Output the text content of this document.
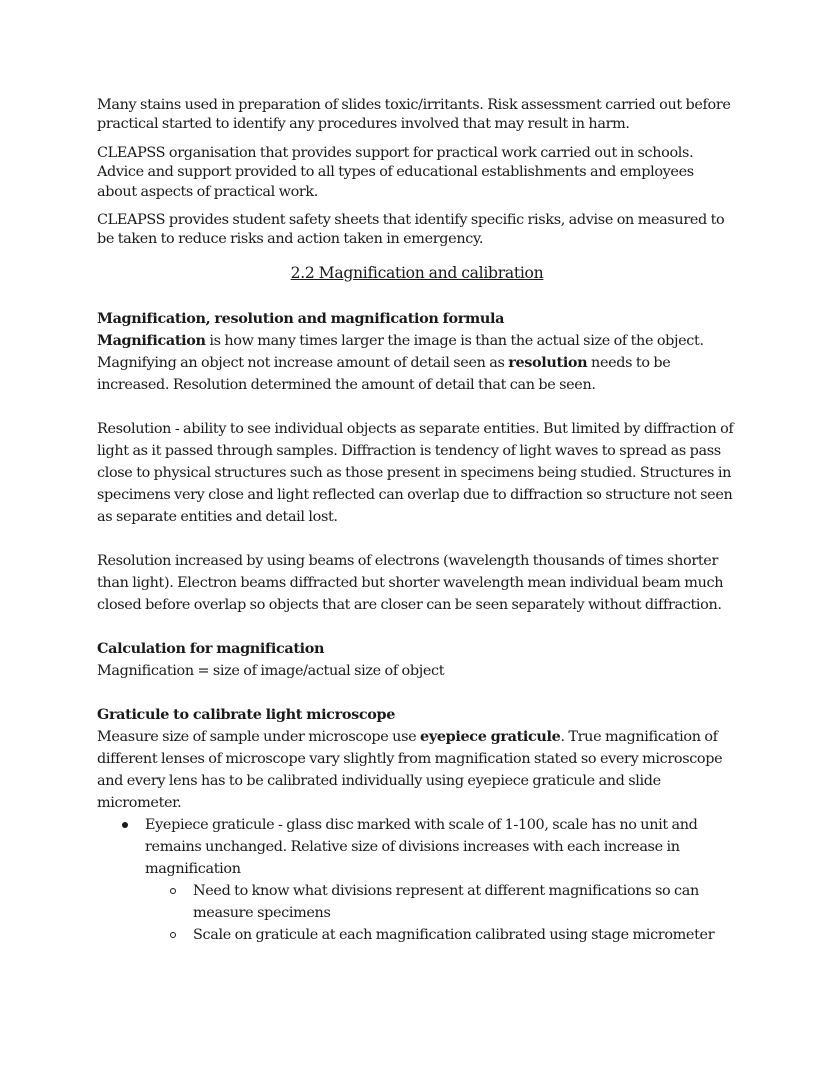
Many stains used in preparation of slides toxic/irritants. Risk assessment carried out before practical started to identify any procedures involved that may result in harm.

CLEAPSS organisation that provides support for practical work carried out in schools. Advice and support provided to all types of educational establishments and employees about aspects of practical work.

CLEAPSS provides student safety sheets that identify specific risks, advise on measured to be taken to reduce risks and action taken in emergency.

2.2 Magnification and calibration

Magnification, resolution and magnification formula

Magnification is how many times larger the image is than the actual size of the object. Magnifying an object not increase amount of detail seen as resolution needs to be increased. Resolution determined the amount of detail that can be seen.

Resolution - ability to see individual objects as separate entities. But limited by diffraction of light as it passed through samples. Diffraction is tendency of light waves to spread as pass close to physical structures such as those present in specimens being studied. Structures in specimens very close and light reflected can overlap due to diffraction so structure not seen as separate entities and detail lost.

Resolution increased by using beams of electrons (wavelength thousands of times shorter than light). Electron beams diffracted but shorter wavelength mean individual beam much closed before overlap so objects that are closer can be seen separately without diffraction.

Calculation for magnification

Magnification = size of image/actual size of object

Graticule to calibrate light microscope

Measure size of sample under microscope use eyepiece graticule. True magnification of different lenses of microscope vary slightly from magnification stated so every microscope and every lens has to be calibrated individually using eyepiece graticule and slide micrometer.

Eyepiece graticule - glass disc marked with scale of 1-100, scale has no unit and remains unchanged. Relative size of divisions increases with each increase in magnification
Need to know what divisions represent at different magnifications so can measure specimens
Scale on graticule at each magnification calibrated using stage micrometer
